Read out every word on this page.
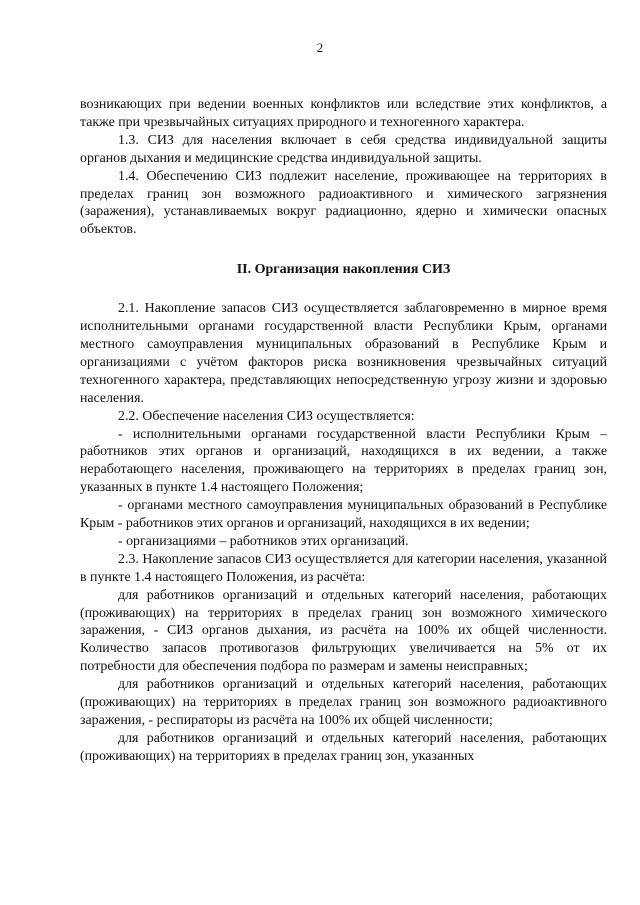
2

возникающих при ведении военных конфликтов или вследствие этих конфликтов, а также при чрезвычайных ситуациях природного и техногенного характера.

1.3. СИЗ для населения включает в себя средства индивидуальной защиты органов дыхания и медицинские средства индивидуальной защиты.

1.4. Обеспечению СИЗ подлежит население, проживающее на территориях в пределах границ зон возможного радиоактивного и химического загрязнения (заражения), устанавливаемых вокруг радиационно, ядерно и химически опасных объектов.

II. Организация накопления СИЗ

2.1. Накопление запасов СИЗ осуществляется заблаговременно в мирное время исполнительными органами государственной власти Республики Крым, органами местного самоуправления муниципальных образований в Республике Крым и организациями с учётом факторов риска возникновения чрезвычайных ситуаций техногенного характера, представляющих непосредственную угрозу жизни и здоровью населения.

2.2. Обеспечение населения СИЗ осуществляется:

- исполнительными органами государственной власти Республики Крым – работников этих органов и организаций, находящихся в их ведении, а также неработающего населения, проживающего на территориях в пределах границ зон, указанных в пункте 1.4 настоящего Положения;

- органами местного самоуправления муниципальных образований в Республике Крым - работников этих органов и организаций, находящихся в их ведении;

- организациями – работников этих организаций.

2.3. Накопление запасов СИЗ осуществляется для категории населения, указанной в пункте 1.4 настоящего Положения, из расчёта:

для работников организаций и отдельных категорий населения, работающих (проживающих) на территориях в пределах границ зон возможного химического заражения, - СИЗ органов дыхания, из расчёта на 100% их общей численности. Количество запасов противогазов фильтрующих увеличивается на 5% от их потребности для обеспечения подбора по размерам и замены неисправных;

для работников организаций и отдельных категорий населения, работающих (проживающих) на территориях в пределах границ зон возможного радиоактивного заражения, - респираторы из расчёта на 100% их общей численности;

для работников организаций и отдельных категорий населения, работающих (проживающих) на территориях в пределах границ зон, указанных
